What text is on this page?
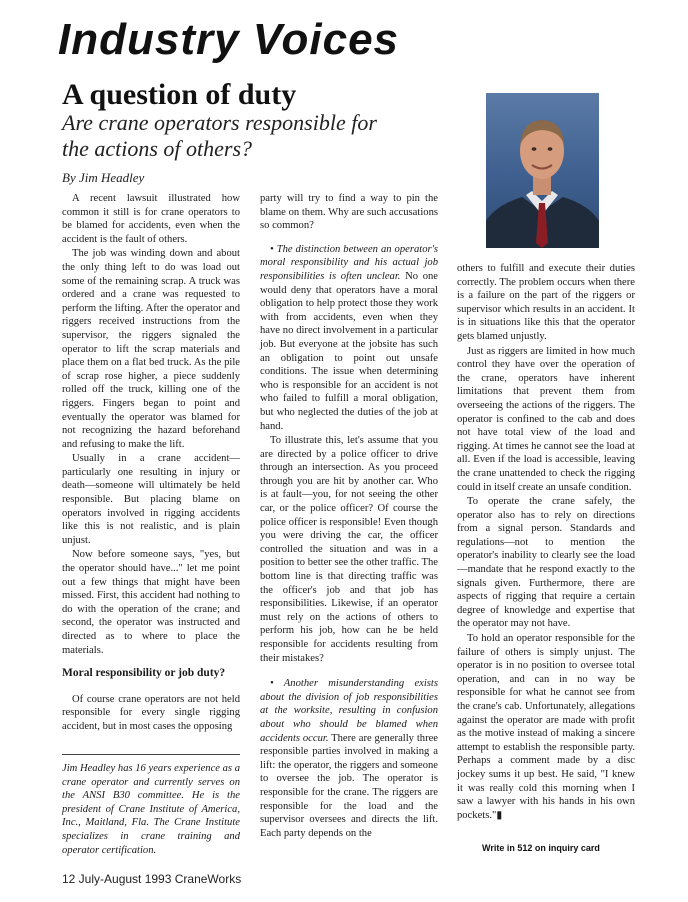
Industry Voices
A question of duty
Are crane operators responsible for the actions of others?
By Jim Headley

A recent lawsuit illustrated how common it still is for crane operators to be blamed for accidents, even when the accident is the fault of others.

The job was winding down and about the only thing left to do was load out some of the remaining scrap. A truck was ordered and a crane was requested to perform the lifting. After the operator and riggers received instructions from the supervisor, the riggers signaled the operator to lift the scrap materials and place them on a flat bed truck. As the pile of scrap rose higher, a piece suddenly rolled off the truck, killing one of the riggers. Fingers began to point and eventually the operator was blamed for not recognizing the hazard beforehand and refusing to make the lift.

Usually in a crane accident—particularly one resulting in injury or death—someone will ultimately be held responsible. But placing blame on operators involved in rigging accidents like this is not realistic, and is plain unjust.

Now before someone says, "yes, but the operator should have..." let me point out a few things that might have been missed. First, this accident had nothing to do with the operation of the crane; and second, the operator was instructed and directed as to where to place the materials.

Moral responsibility or job duty?

Of course crane operators are not held responsible for every single rigging accident, but in most cases the opposing

Jim Headley has 16 years experience as a crane operator and currently serves on the ANSI B30 committee. He is the president of Crane Institute of America, Inc., Maitland, Fla. The Crane Institute specializes in crane training and operator certification.

party will try to find a way to pin the blame on them. Why are such accusations so common?

• The distinction between an operator's moral responsibility and his actual job responsibilities is often unclear. No one would deny that operators have a moral obligation to help protect those they work with from accidents, even when they have no direct involvement in a particular job. But everyone at the jobsite has such an obligation to point out unsafe conditions. The issue when determining who is responsible for an accident is not who failed to fulfill a moral obligation, but who neglected the duties of the job at hand.

To illustrate this, let's assume that you are directed by a police officer to drive through an intersection. As you proceed through you are hit by another car. Who is at fault—you, for not seeing the other car, or the police officer? Of course the police officer is responsible! Even though you were driving the car, the officer controlled the situation and was in a position to better see the other traffic. The bottom line is that directing traffic was the officer's job and that job has responsibilities. Likewise, if an operator must rely on the actions of others to perform his job, how can he be held responsible for accidents resulting from their mistakes?

• Another misunderstanding exists about the division of job responsibilities at the worksite, resulting in confusion about who should be blamed when accidents occur. There are generally three responsible parties involved in making a lift: the operator, the riggers and someone to oversee the job. The operator is responsible for the crane. The riggers are responsible for the load and the supervisor oversees and directs the lift. Each party depends on the

others to fulfill and execute their duties correctly. The problem occurs when there is a failure on the part of the riggers or supervisor which results in an accident. It is in situations like this that the operator gets blamed unjustly.

Just as riggers are limited in how much control they have over the operation of the crane, operators have inherent limitations that prevent them from overseeing the actions of the riggers. The operator is confined to the cab and does not have total view of the load and rigging. At times he cannot see the load at all. Even if the load is accessible, leaving the crane unattended to check the rigging could in itself create an unsafe condition.

To operate the crane safely, the operator also has to rely on directions from a signal person. Standards and regulations—not to mention the operator's inability to clearly see the load—mandate that he respond exactly to the signals given. Furthermore, there are aspects of rigging that require a certain degree of knowledge and expertise that the operator may not have.

To hold an operator responsible for the failure of others is simply unjust. The operator is in no position to oversee total operation, and can in no way be responsible for what he cannot see from the crane's cab. Unfortunately, allegations against the operator are made with profit as the motive instead of making a sincere attempt to establish the responsible party. Perhaps a comment made by a disc jockey sums it up best. He said, "I knew it was really cold this morning when I saw a lawyer with his hands in his own pockets."▮

Write in 512 on inquiry card
12 July-August 1993 CraneWorks
